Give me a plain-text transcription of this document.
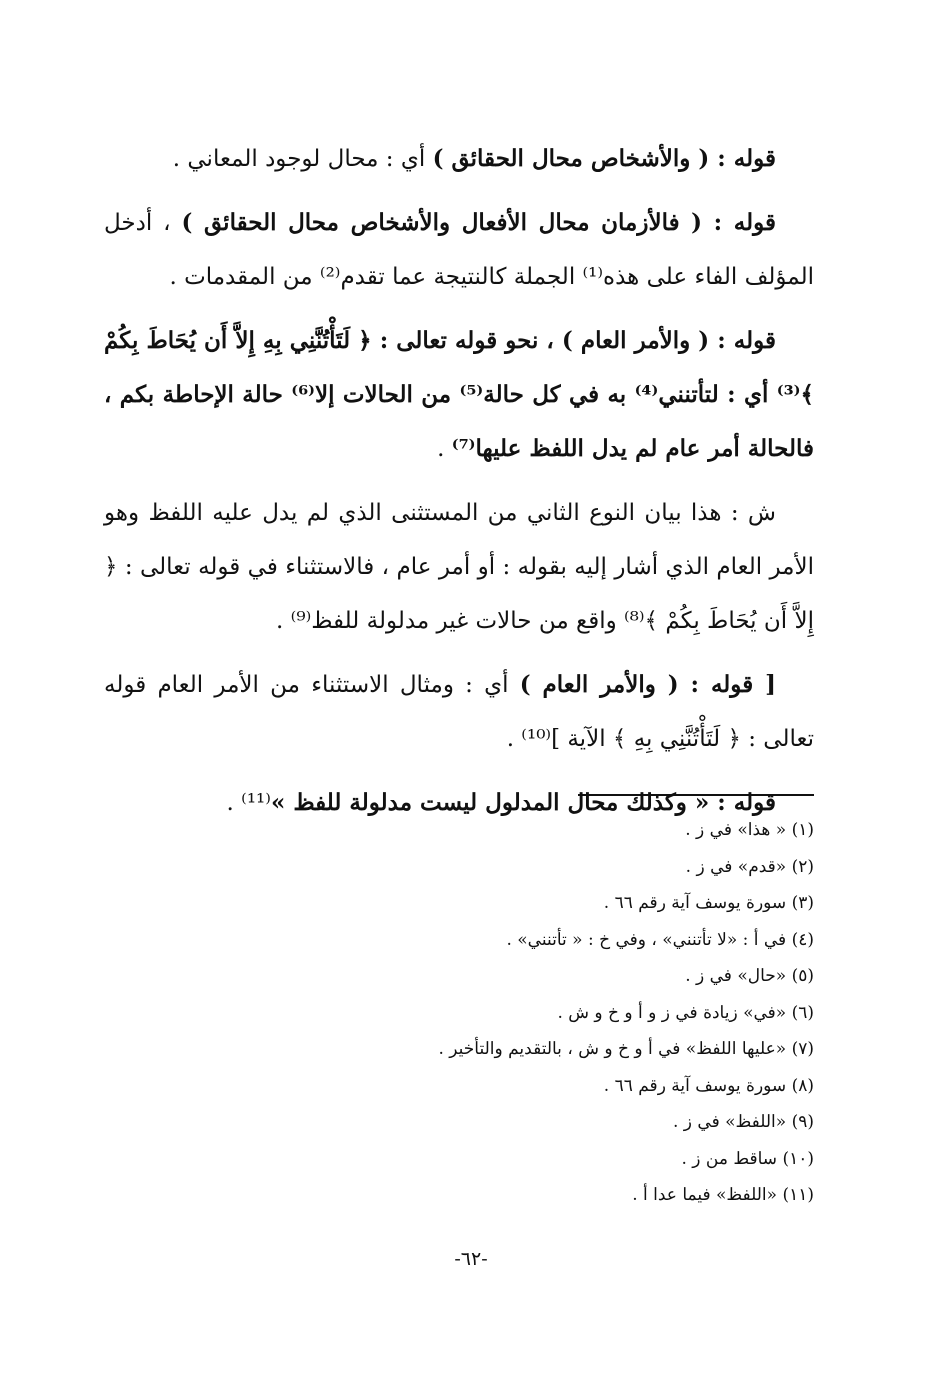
قوله : ( والأشخاص محال الحقائق ) أي : محال لوجود المعاني .

قوله : ( فالأزمان محال الأفعال والأشخاص محال الحقائق ) ، أدخل المؤلف الفاء على هذه⁽¹⁾ الجملة كالنتيجة عما تقدم⁽²⁾ من المقدمات .

قوله : ( والأمر العام ) ، نحو قوله تعالى : ﴿ لَتَأْتُنَّنِي بِهِ إِلاَّ أَن يُحَاطَ بِكُمْ ﴾⁽³⁾ أي : لتأتنني⁽⁴⁾ به في كل حالة⁽⁵⁾ من الحالات إلا⁽⁶⁾ حالة الإحاطة بكم ، فالحالة أمر عام لم يدل اللفظ عليها⁽⁷⁾ .

ش : هذا بيان النوع الثاني من المستثنى الذي لم يدل عليه اللفظ وهو الأمر العام الذي أشار إليه بقوله : أو أمر عام ، فالاستثناء في قوله تعالى : ﴿ إِلاَّ أَن يُحَاطَ بِكُمْ ﴾⁽⁸⁾ واقع من حالات غير مدلولة للفظ⁽⁹⁾ .

[ قوله : ( والأمر العام ) أي : ومثال الاستثناء من الأمر العام قوله تعالى : ﴿ لَتَأْتُنَّنِي بِهِ ﴾ الآية ]⁽¹⁰⁾ .

قوله : « وكذلك محال المدلول ليست مدلولة للفظ »⁽¹¹⁾ .

(١) « هذا» في ز .
(٢) «قدم» في ز .
(٣) سورة يوسف آية رقم ٦٦ .
(٤) في أ : «لا تأتنني» ، وفي خ : « تأتنني» .
(٥) «حال» في ز .
(٦) «في» زيادة في ز و أ و خ و ش .
(٧) «عليها اللفظ» في أ و خ و ش ، بالتقديم والتأخير .
(٨) سورة يوسف آية رقم ٦٦ .
(٩) «اللفظ» في ز .
(١٠) ساقط من ز .
(١١) «اللفظ» فيما عدا أ .
-٦٢-
